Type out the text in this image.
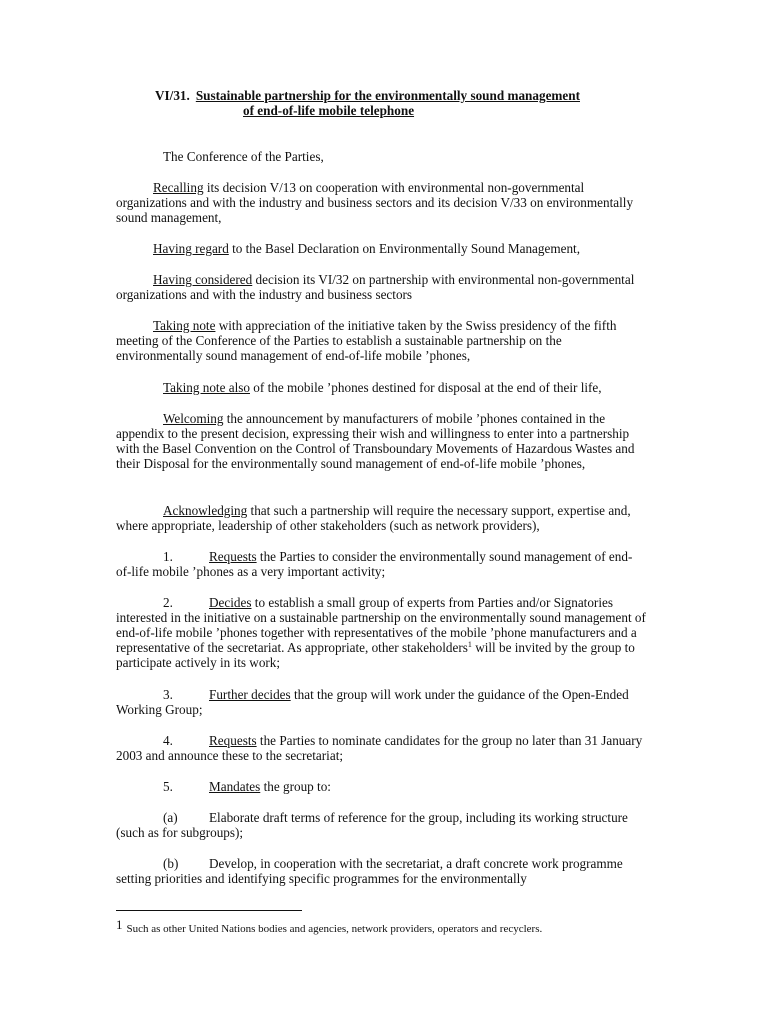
VI/31. Sustainable partnership for the environmentally sound management
of end-of-life mobile telephone

The Conference of the Parties,

Recalling its decision V/13 on cooperation with environmental non-governmental organizations and with the industry and business sectors and its decision V/33 on environmentally sound management,

Having regard to the Basel Declaration on Environmentally Sound Management,

Having considered decision its VI/32 on partnership with environmental non-governmental organizations and with the industry and business sectors

Taking note with appreciation of the initiative taken by the Swiss presidency of the fifth meeting of the Conference of the Parties to establish a sustainable partnership on the environmentally sound management of end-of-life mobile ’phones,

Taking note also of the mobile ’phones destined for disposal at the end of their life,

Welcoming the announcement by manufacturers of mobile ’phones contained in the appendix to the present decision, expressing their wish and willingness to enter into a partnership with the Basel Convention on the Control of Transboundary Movements of Hazardous Wastes and their Disposal for the environmentally sound management of end-of-life mobile ’phones,

Acknowledging that such a partnership will require the necessary support, expertise and, where appropriate, leadership of other stakeholders (such as network providers),

1.	Requests the Parties to consider the environmentally sound management of end-of-life mobile ’phones as a very important activity;

2.	Decides to establish a small group of experts from Parties and/or Signatories interested in the initiative on a sustainable partnership on the environmentally sound management of end-of-life mobile ’phones together with representatives of the mobile ’phone manufacturers and a representative of the secretariat. As appropriate, other stakeholders$^1$ will be invited by the group to participate actively in its work;

3.	Further decides that the group will work under the guidance of the Open-Ended Working Group;

4.	Requests the Parties to nominate candidates for the group no later than 31 January 2003 and announce these to the secretariat;

5.	Mandates the group to:

(a) Elaborate draft terms of reference for the group, including its working structure (such as for subgroups);

(b) Develop, in cooperation with the secretariat, a draft concrete work programme setting priorities and identifying specific programmes for the environmentally

1 Such as other United Nations bodies and agencies, network providers, operators and recyclers.
